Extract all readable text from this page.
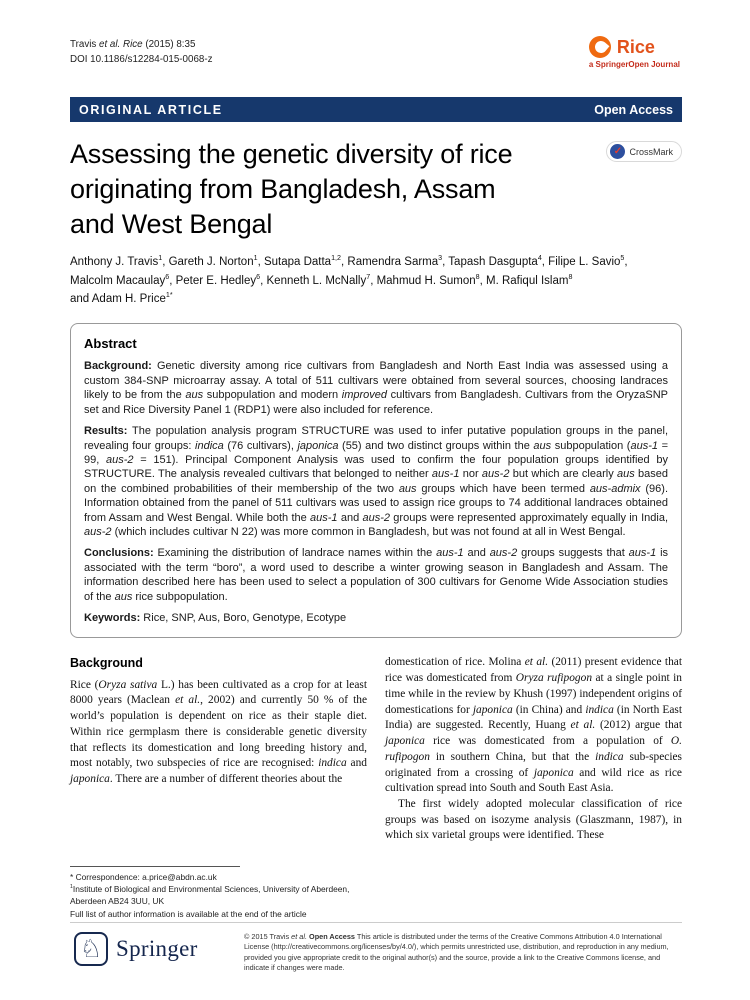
Travis et al. Rice (2015) 8:35
DOI 10.1186/s12284-015-0068-z
Rice
a SpringerOpen Journal
ORIGINAL ARTICLE	Open Access
✓ CrossMark
Assessing the genetic diversity of rice
originating from Bangladesh, Assam
and West Bengal
Anthony J. Travis$^1$, Gareth J. Norton$^1$, Sutapa Datta$^{1,2}$, Ramendra Sarma$^3$, Tapash Dasgupta$^4$, Filipe L. Savio$^5$,
Malcolm Macaulay$^6$, Peter E. Hedley$^6$, Kenneth L. McNally$^7$, Mahmud H. Sumon$^8$, M. Rafiqul Islam$^8$
and Adam H. Price$^{1*}$
Abstract

Background: Genetic diversity among rice cultivars from Bangladesh and North East India was assessed using a custom 384-SNP microarray assay. A total of 511 cultivars were obtained from several sources, choosing landraces likely to be from the aus subpopulation and modern improved cultivars from Bangladesh. Cultivars from the OryzaSNP set and Rice Diversity Panel 1 (RDP1) were also included for reference.

Results: The population analysis program STRUCTURE was used to infer putative population groups in the panel, revealing four groups: indica (76 cultivars), japonica (55) and two distinct groups within the aus subpopulation (aus-1 = 99, aus-2 = 151). Principal Component Analysis was used to confirm the four population groups identified by STRUCTURE. The analysis revealed cultivars that belonged to neither aus-1 nor aus-2 but which are clearly aus based on the combined probabilities of their membership of the two aus groups which have been termed aus-admix (96). Information obtained from the panel of 511 cultivars was used to assign rice groups to 74 additional landraces obtained from Assam and West Bengal. While both the aus-1 and aus-2 groups were represented approximately equally in India, aus-2 (which includes cultivar N 22) was more common in Bangladesh, but was not found at all in West Bengal.

Conclusions: Examining the distribution of landrace names within the aus-1 and aus-2 groups suggests that aus-1 is associated with the term “boro”, a word used to describe a winter growing season in Bangladesh and Assam. The information described here has been used to select a population of 300 cultivars for Genome Wide Association studies of the aus rice subpopulation.

Keywords: Rice, SNP, Aus, Boro, Genotype, Ecotype

Background

Rice (Oryza sativa L.) has been cultivated as a crop for at least 8000 years (Maclean et al., 2002) and currently 50 % of the world’s population is dependent on rice as their staple diet. Within rice germplasm there is considerable genetic diversity that reflects its domestication and long breeding history and, most notably, two subspecies of rice are recognised: indica and japonica. There are a number of different theories about the

domestication of rice. Molina et al. (2011) present evidence that rice was domesticated from Oryza rufipogon at a single point in time while in the review by Khush (1997) independent origins of domestications for japonica (in China) and indica (in North East India) are suggested. Recently, Huang et al. (2012) argue that japonica rice was domesticated from a population of O. rufipogon in southern China, but that the indica sub-species originated from a crossing of japonica and wild rice as rice cultivation spread into South and South East Asia.

The first widely adopted molecular classification of rice groups was based on isozyme analysis (Glaszmann, 1987), in which six varietal groups were identified. These

* Correspondence: a.price@abdn.ac.uk
$^1$Institute of Biological and Environmental Sciences, University of Aberdeen, Aberdeen AB24 3UU, UK
Full list of author information is available at the end of the article
♘ Springer	© 2015 Travis et al. Open Access This article is distributed under the terms of the Creative Commons Attribution 4.0 International License (http://creativecommons.org/licenses/by/4.0/), which permits unrestricted use, distribution, and reproduction in any medium, provided you give appropriate credit to the original author(s) and the source, provide a link to the Creative Commons license, and indicate if changes were made.
